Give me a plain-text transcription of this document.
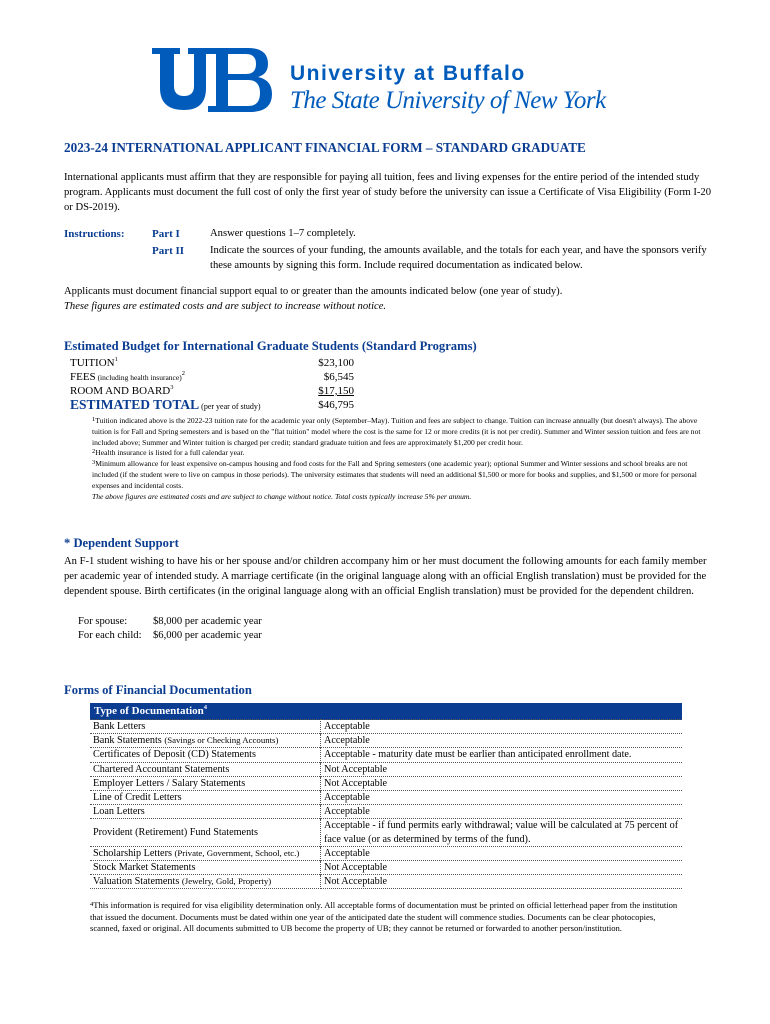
University at Buffalo
The State University of New York
2023-24 INTERNATIONAL APPLICANT FINANCIAL FORM – STANDARD GRADUATE
International applicants must affirm that they are responsible for paying all tuition, fees and living expenses for the entire period of the intended study program. Applicants must document the full cost of only the first year of study before the university can issue a Certificate of Visa Eligibility (Form I-20 or DS-2019).
Instructions: Part I	Answer questions 1–7 completely.
Part II Indicate the sources of your funding, the amounts available, and the totals for each year, and have the sponsors verify these amounts by signing this form. Include required documentation as indicated below.
Applicants must document financial support equal to or greater than the amounts indicated below (one year of study).
These figures are estimated costs and are subject to increase without notice.
Estimated Budget for International Graduate Students (Standard Programs)
TUITION$^1$	$23,100
FEES (including health insurance)$^2$	$6,545
ROOM AND BOARD$^3$	$17,150
ESTIMATED TOTAL (per year of study)	$46,795
1Tuition indicated above is the 2022-23 tuition rate for the academic year only (September–May). Tuition and fees are subject to change. Tuition can increase annually (but doesn't always). The above tuition is for Fall and Spring semesters and is based on the "flat tuition" model where the cost is the same for 12 or more credits (it is not per credit). Summer and Winter session tuition and fees are not included above; Summer and Winter tuition is charged per credit; standard graduate tuition and fees are approximately $1,200 per credit hour.
2Health insurance is listed for a full calendar year.
3Minimum allowance for least expensive on-campus housing and food costs for the Fall and Spring semesters (one academic year); optional Summer and Winter sessions and school breaks are not included (if the student were to live on campus in those periods). The university estimates that students will need an additional $1,500 or more for books and supplies, and $1,500 or more for personal expenses and incidental costs.
The above figures are estimated costs and are subject to change without notice. Total costs typically increase 5% per annum.
* Dependent Support
An F-1 student wishing to have his or her spouse and/or children accompany him or her must document the following amounts for each family member per academic year of intended study. A marriage certificate (in the original language along with an official English translation) must be provided for the dependent spouse. Birth certificates (in the original language along with an official English translation) must be provided for the dependent children.
For spouse: $8,000 per academic year
For each child: $6,000 per academic year
Forms of Financial Documentation
Type of Documentation$^4$
Bank Letters	Acceptable
Bank Statements (Savings or Checking Accounts)	Acceptable
Certificates of Deposit (CD) Statements	Acceptable - maturity date must be earlier than anticipated enrollment date.
Chartered Accountant Statements	Not Acceptable
Employer Letters / Salary Statements	Not Acceptable
Line of Credit Letters	Acceptable
Loan Letters	Acceptable
Provident (Retirement) Fund Statements	Acceptable - if fund permits early withdrawal; value will be calculated at 75 percent of face value (or as determined by terms of the fund).
Scholarship Letters (Private, Government, School, etc.)	Acceptable
Stock Market Statements	Not Acceptable
Valuation Statements (Jewelry, Gold, Property)	Not Acceptable
$^4$This information is required for visa eligibility determination only. All acceptable forms of documentation must be printed on official letterhead paper from the institution that issued the document. Documents must be dated within one year of the anticipated date the student will commence studies. Documents can be clear photocopies, scanned, faxed or original. All documents submitted to UB become the property of UB; they cannot be returned or forwarded to another person/institution.
